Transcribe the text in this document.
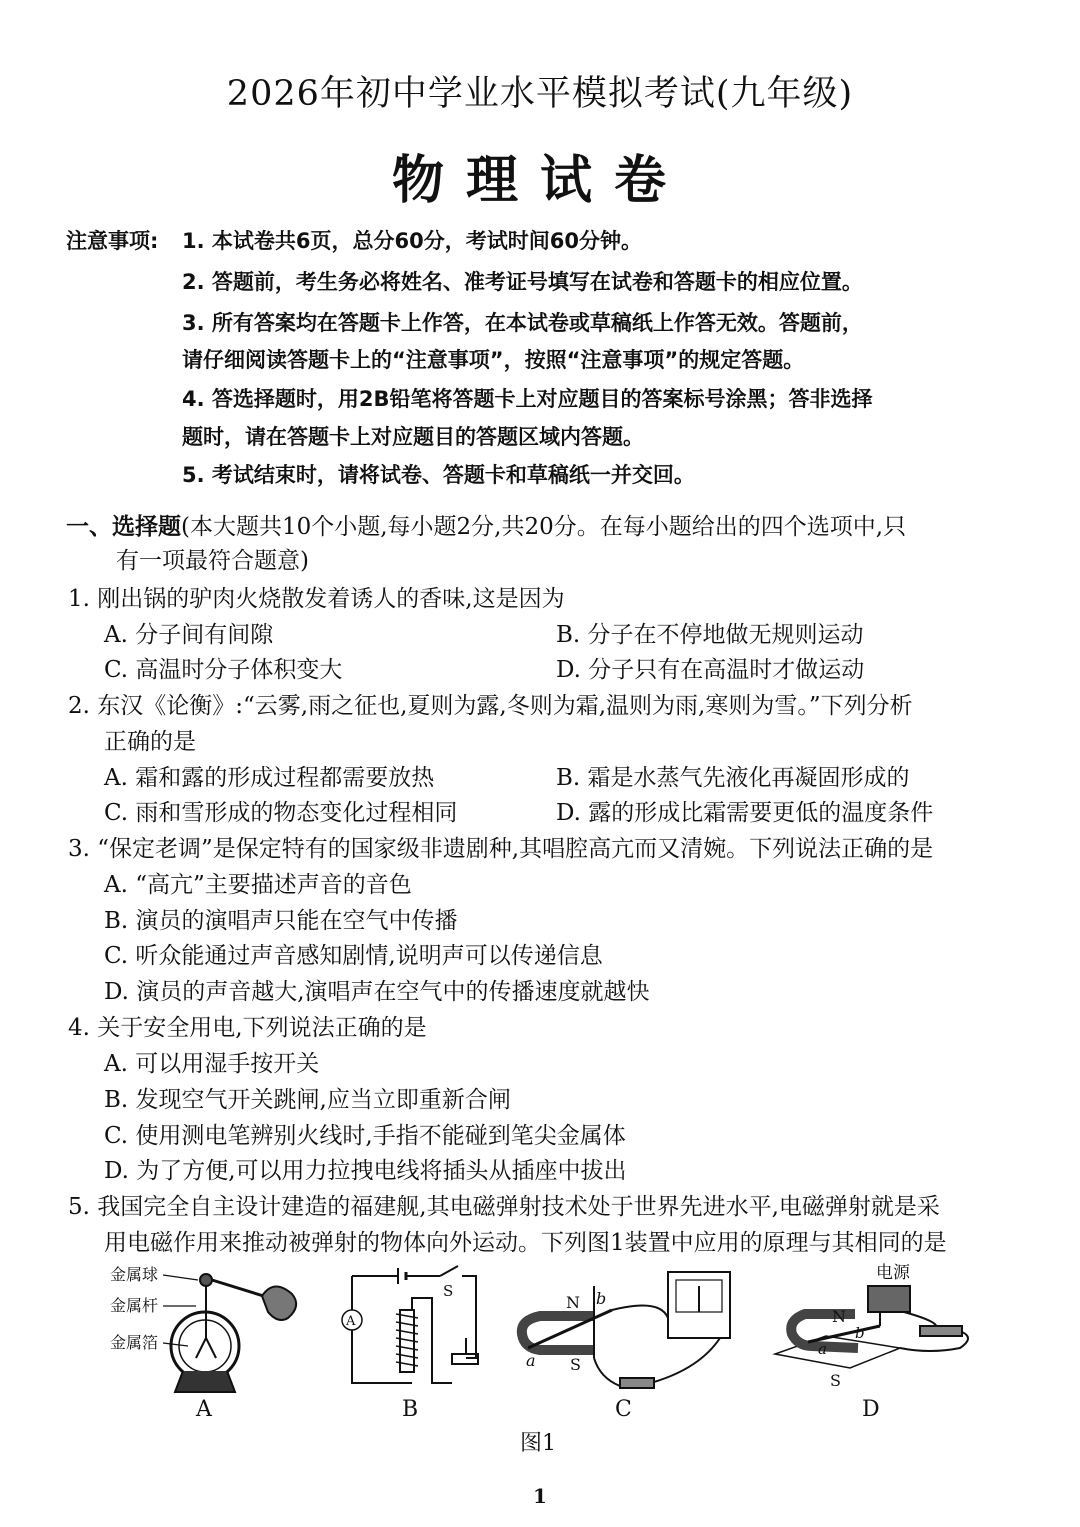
2026年初中学业水平模拟考试(九年级)
物理试卷
注意事项: 1. 本试卷共6页，总分60分，考试时间60分钟。
2. 答题前，考生务必将姓名、准考证号填写在试卷和答题卡的相应位置。
3. 所有答案均在答题卡上作答，在本试卷或草稿纸上作答无效。答题前，
请仔细阅读答题卡上的“注意事项”，按照“注意事项”的规定答题。
4. 答选择题时，用2B铅笔将答题卡上对应题目的答案标号涂黑；答非选择
题时，请在答题卡上对应题目的答题区域内答题。
5. 考试结束时，请将试卷、答题卡和草稿纸一并交回。
一、选择题(本大题共10个小题,每小题2分,共20分。在每小题给出的四个选项中,只
有一项最符合题意)
1. 刚出锅的驴肉火烧散发着诱人的香味,这是因为
A. 分子间有间隙	B. 分子在不停地做无规则运动
C. 高温时分子体积变大	D. 分子只有在高温时才做运动
2. 东汉《论衡》:“云雾,雨之征也,夏则为露,冬则为霜,温则为雨,寒则为雪。”下列分析
正确的是
A. 霜和露的形成过程都需要放热	B. 霜是水蒸气先液化再凝固形成的
C. 雨和雪形成的物态变化过程相同	D. 露的形成比霜需要更低的温度条件
3. “保定老调”是保定特有的国家级非遗剧种,其唱腔高亢而又清婉。下列说法正确的是
A. “高亢”主要描述声音的音色
B. 演员的演唱声只能在空气中传播
C. 听众能通过声音感知剧情,说明声可以传递信息
D. 演员的声音越大,演唱声在空气中的传播速度就越快
4. 关于安全用电,下列说法正确的是
A. 可以用湿手按开关
B. 发现空气开关跳闸,应当立即重新合闸
C. 使用测电笔辨别火线时,手指不能碰到笔尖金属体
D. 为了方便,可以用力拉拽电线将插头从插座中拔出
5. 我国完全自主设计建造的福建舰,其电磁弹射技术处于世界先进水平,电磁弹射就是采
用电磁作用来推动被弹射的物体向外运动。下列图1装置中应用的原理与其相同的是
金属球
金属杆
金属箔
A
S
A
B
N
S
a
b
C
N
S
a
b
电源
D
图1
1
